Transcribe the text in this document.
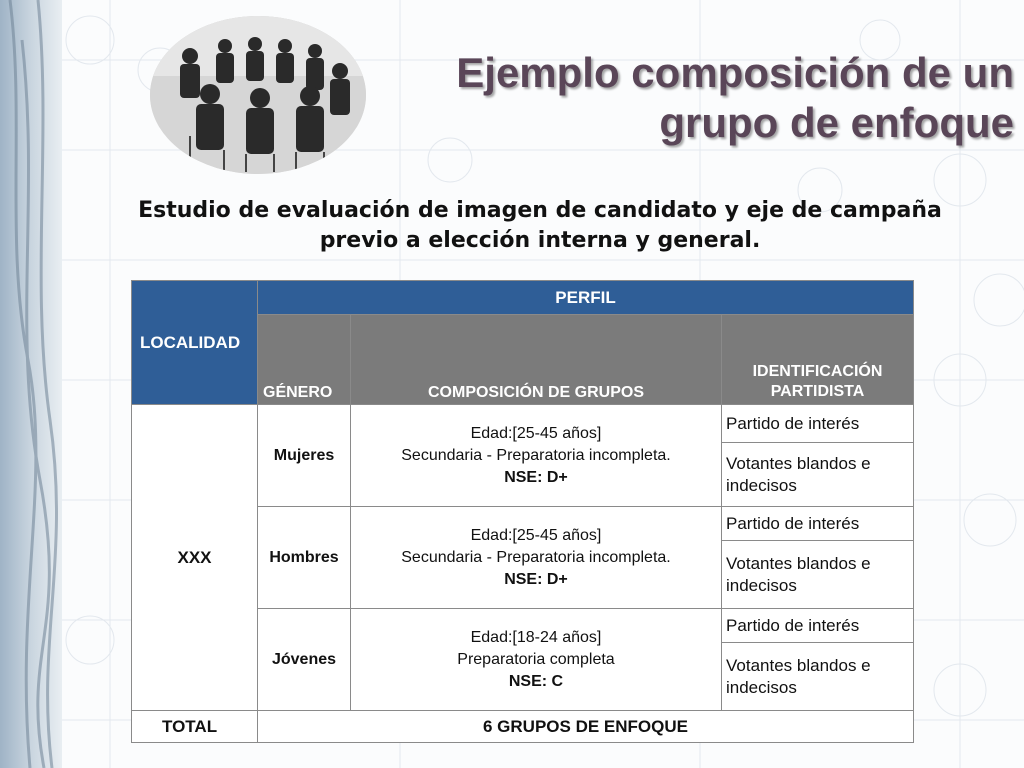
Ejemplo composición de un
grupo de enfoque
Estudio de evaluación de imagen de candidato y eje de campaña
previo a elección interna y general.
LOCALIDAD	PERFIL		
	GÉNERO	COMPOSICIÓN DE GRUPOS	IDENTIFICACIÓN
PARTIDISTA

XXX	Mujeres	Edad:[25-45 años]
Secundaria - Preparatoria incompleta.
NSE: D+	Partido de interés

			Votantes blandos e
indecisos

	Hombres	Edad:[25-45 años]
Secundaria - Preparatoria incompleta.
NSE: D+	Partido de interés

			Votantes blandos e
indecisos

	Jóvenes	Edad:[18-24 años]
Preparatoria completa
NSE: C	Partido de interés

			Votantes blandos e
indecisos

TOTAL	6 GRUPOS DE ENFOQUE		
